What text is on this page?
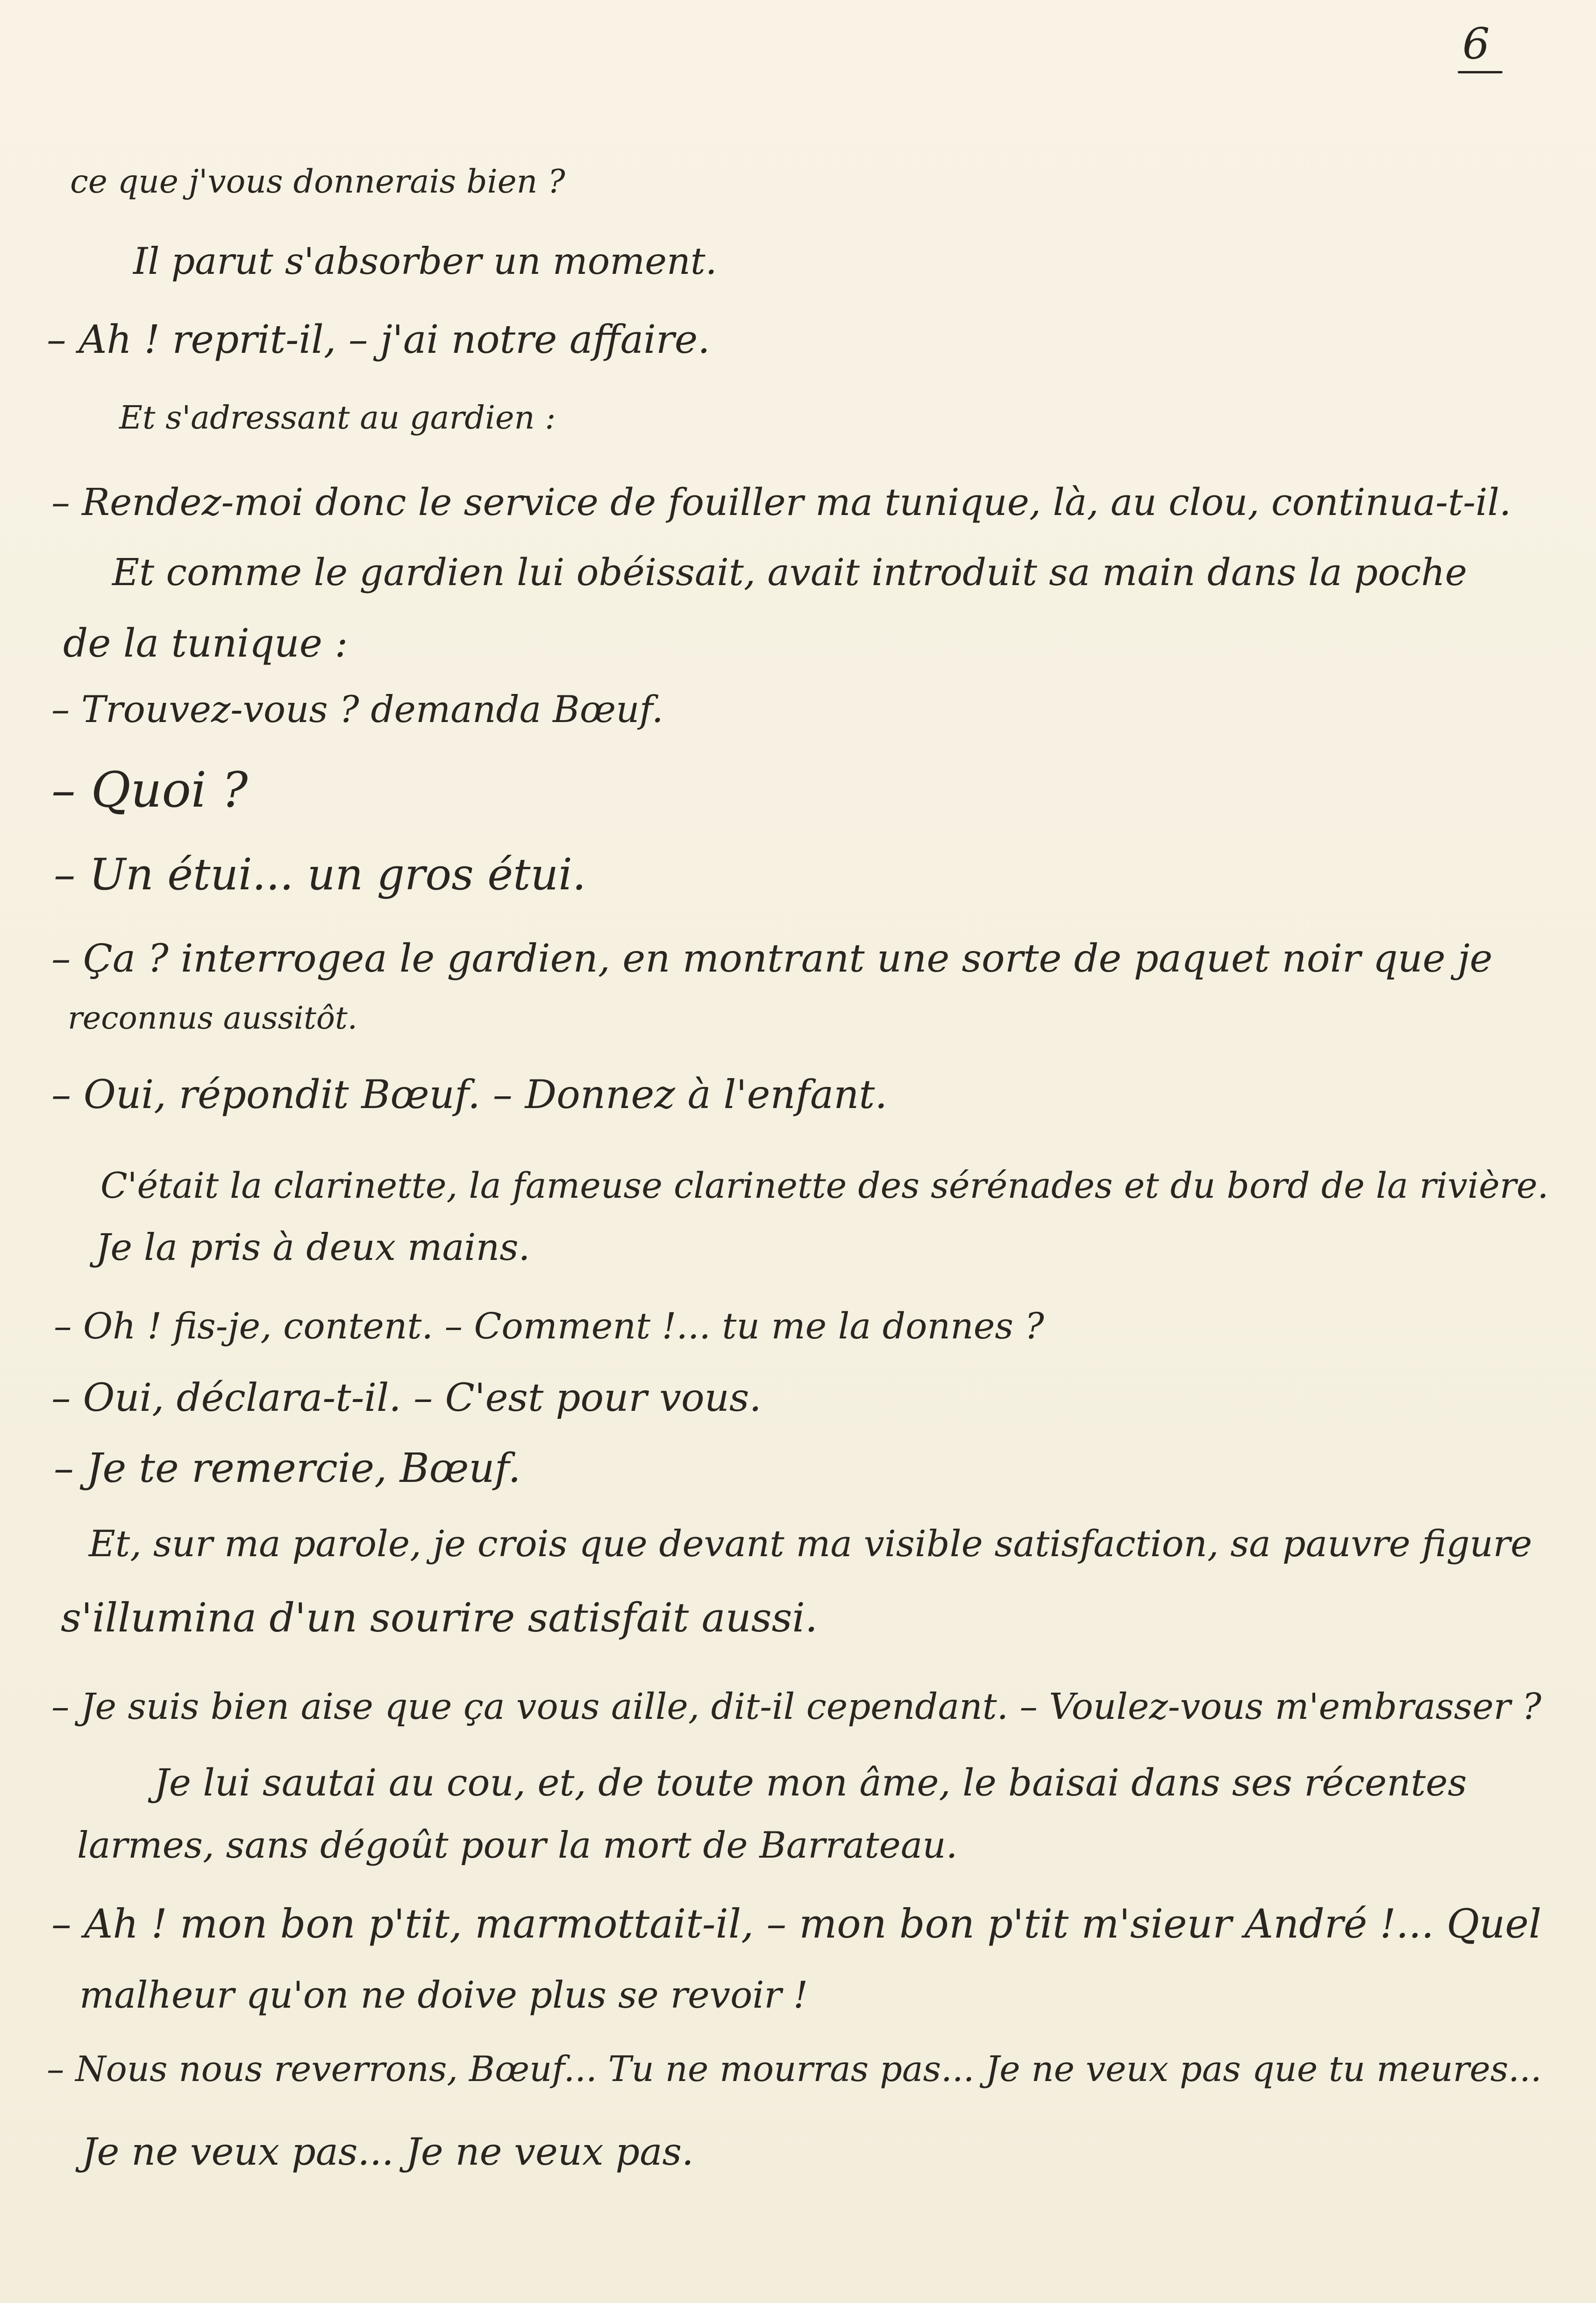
6
ce que j'vous donnerais bien ?
Il parut s'absorber un moment.
– Ah ! reprit-il, – j'ai notre affaire.
Et s'adressant au gardien :
– Rendez-moi donc le service de fouiller ma tunique, là, au clou, continua-t-il.
Et comme le gardien lui obéissait, avait introduit sa main dans la poche
de la tunique :
– Trouvez-vous ? demanda Bœuf.
– Quoi ?
– Un étui... un gros étui.
– Ça ? interrogea le gardien, en montrant une sorte de paquet noir que je
reconnus aussitôt.
– Oui, répondit Bœuf. – Donnez à l'enfant.
C'était la clarinette, la fameuse clarinette des sérénades et du bord de la rivière.
Je la pris à deux mains.
– Oh ! fis-je, content. – Comment !... tu me la donnes ?
– Oui, déclara-t-il. – C'est pour vous.
– Je te remercie, Bœuf.
Et, sur ma parole, je crois que devant ma visible satisfaction, sa pauvre figure
s'illumina d'un sourire satisfait aussi.
– Je suis bien aise que ça vous aille, dit-il cependant. – Voulez-vous m'embrasser ?
Je lui sautai au cou, et, de toute mon âme, le baisai dans ses récentes
larmes, sans dégoût pour la mort de Barrateau.
– Ah ! mon bon p'tit, marmottait-il, – mon bon p'tit m'sieur André !... Quel
malheur qu'on ne doive plus se revoir !
– Nous nous reverrons, Bœuf... Tu ne mourras pas... Je ne veux pas que tu meures...
Je ne veux pas... Je ne veux pas.
